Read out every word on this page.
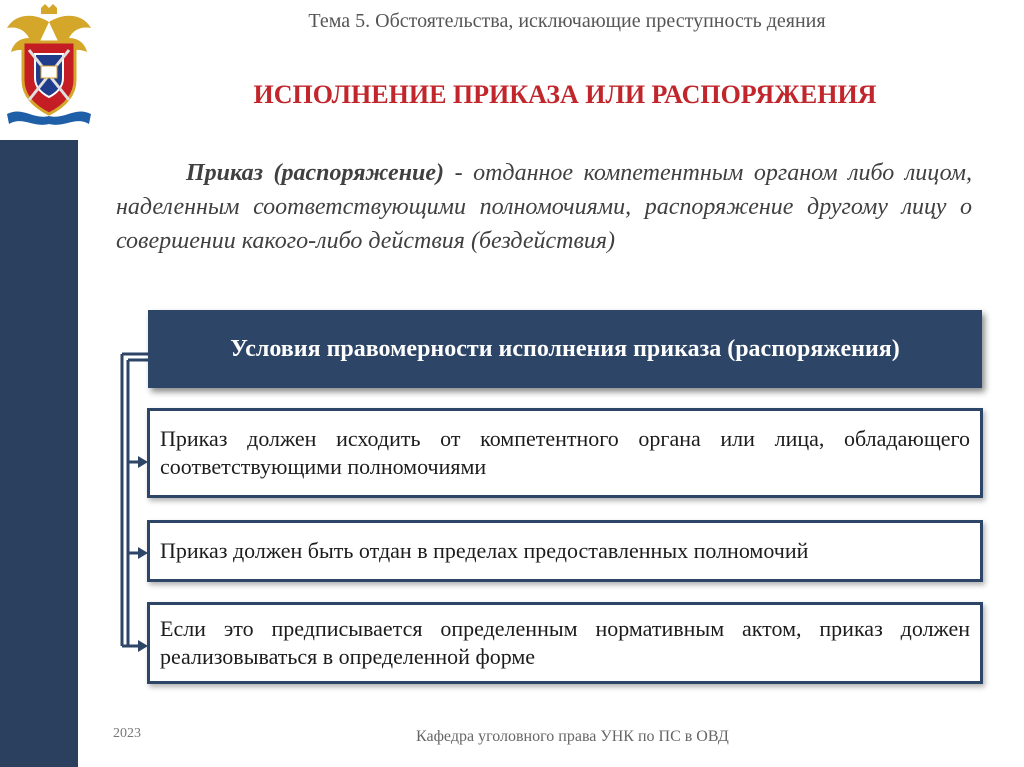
Тема 5. Обстоятельства, исключающие преступность деяния
ИСПОЛНЕНИЕ ПРИКАЗА ИЛИ РАСПОРЯЖЕНИЯ
Приказ (распоряжение) - отданное компетентным органом либо лицом, наделенным соответствующими полномочиями, распоряжение другому лицу о совершении какого-либо действия (бездействия)
Условия правомерности исполнения приказа (распоряжения)
Приказ должен исходить от компетентного органа или лица, обладающего соответствующими полномочиями
Приказ должен быть отдан в пределах предоставленных полномочий
Если это предписывается определенным нормативным актом, приказ должен реализовываться в определенной форме
2023	Кафедра уголовного права УНК по ПС в ОВД
